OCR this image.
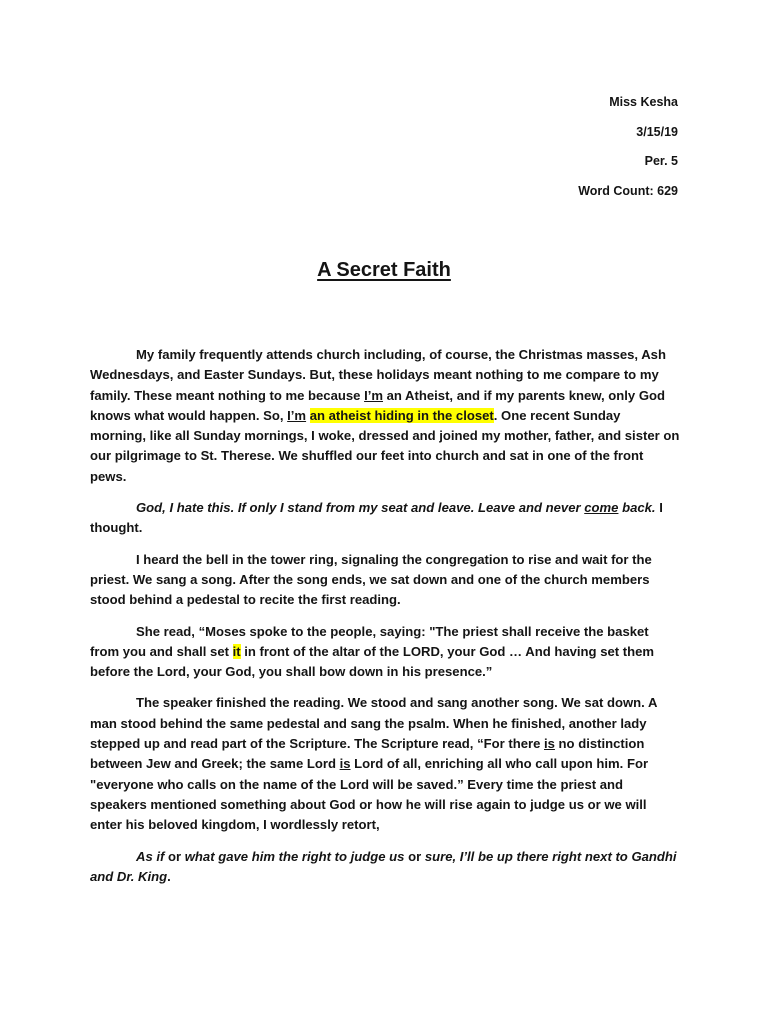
Miss Kesha
3/15/19
Per. 5
Word Count: 629
A Secret Faith

My family frequently attends church including, of course, the Christmas masses, Ash Wednesdays, and Easter Sundays. But, these holidays meant nothing to me compare to my family. These meant nothing to me because I’m an Atheist, and if my parents knew, only God knows what would happen. So, I’m an atheist hiding in the closet. One recent Sunday morning, like all Sunday mornings, I woke, dressed and joined my mother, father, and sister on our pilgrimage to St. Therese. We shuffled our feet into church and sat in one of the front pews.

God, I hate this. If only I stand from my seat and leave. Leave and never come back. I thought.

I heard the bell in the tower ring, signaling the congregation to rise and wait for the priest. We sang a song. After the song ends, we sat down and one of the church members stood behind a pedestal to recite the first reading.

She read, “Moses spoke to the people, saying: "The priest shall receive the basket from you and shall set it in front of the altar of the LORD, your God … And having set them before the Lord, your God, you shall bow down in his presence.”

The speaker finished the reading. We stood and sang another song. We sat down. A man stood behind the same pedestal and sang the psalm. When he finished, another lady stepped up and read part of the Scripture. The Scripture read, “For there is no distinction between Jew and Greek; the same Lord is Lord of all, enriching all who call upon him. For "everyone who calls on the name of the Lord will be saved.” Every time the priest and speakers mentioned something about God or how he will rise again to judge us or we will enter his beloved kingdom, I wordlessly retort,

As if or what gave him the right to judge us or sure, I’ll be up there right next to Gandhi and Dr. King.
